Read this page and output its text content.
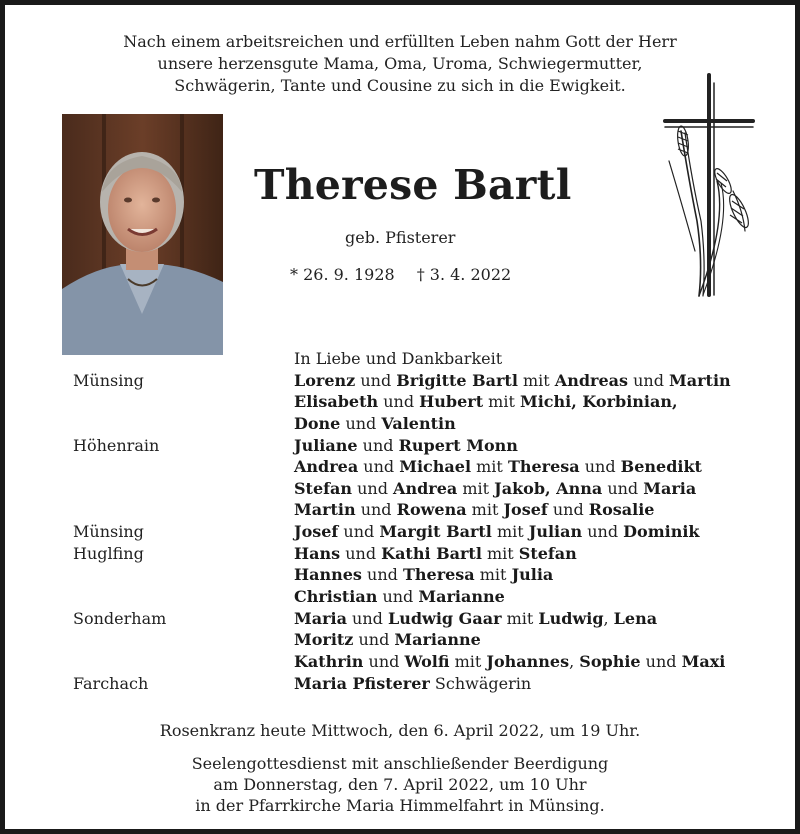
Nach einem arbeitsreichen und erfüllten Leben nahm Gott der Herr
unsere herzensgute Mama, Oma, Uroma, Schwiegermutter,
Schwägerin, Tante und Cousine zu sich in die Ewigkeit.
Therese Bartl
geb. Pfisterer
* 26. 9. 1928 † 3. 4. 2022
In Liebe und Dankbarkeit
Münsing	Lorenz und Brigitte Bartl mit Andreas und Martin
Elisabeth und Hubert mit Michi, Korbinian,
Done und Valentin
Höhenrain	Juliane und Rupert Monn
Andrea und Michael mit Theresa und Benedikt
Stefan und Andrea mit Jakob, Anna und Maria
Martin und Rowena mit Josef und Rosalie
Münsing	Josef und Margit Bartl mit Julian und Dominik
Huglfing	Hans und Kathi Bartl mit Stefan
Hannes und Theresa mit Julia
Christian und Marianne
Sonderham	Maria und Ludwig Gaar mit Ludwig, Lena
Moritz und Marianne
Kathrin und Wolfi mit Johannes, Sophie und Maxi
Farchach	Maria Pfisterer Schwägerin
Rosenkranz heute Mittwoch, den 6. April 2022, um 19 Uhr.
Seelengottesdienst mit anschließender Beerdigung
am Donnerstag, den 7. April 2022, um 10 Uhr
in der Pfarrkirche Maria Himmelfahrt in Münsing.
